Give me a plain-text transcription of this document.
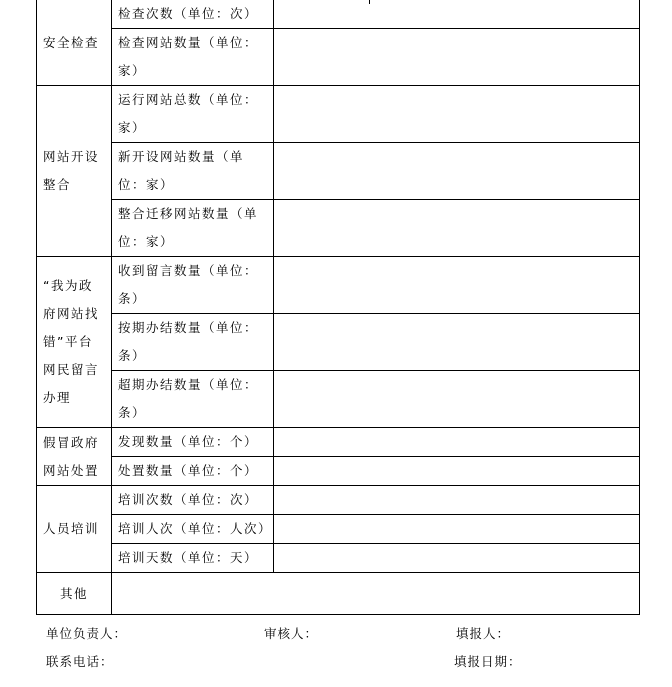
安全检查	检查次数（单位：次）	
	检查网站数量（单位：家）	
网站开设整合	运行网站总数（单位：家）	
	新开设网站数量（单位：家）	
	整合迁移网站数量（单位：家）	
“我为政府网站找错”平台网民留言办理	收到留言数量（单位：条）	
	按期办结数量（单位：条）	
	超期办结数量（单位：条）	
假冒政府网站处置	发现数量（单位：个）	
	处置数量（单位：个）	
人员培训	培训次数（单位：次）	
	培训人次（单位：人次）	
	培训天数（单位：天）	
其他		
单位负责人：	审核人：	填报人：
联系电话：	填报日期：
